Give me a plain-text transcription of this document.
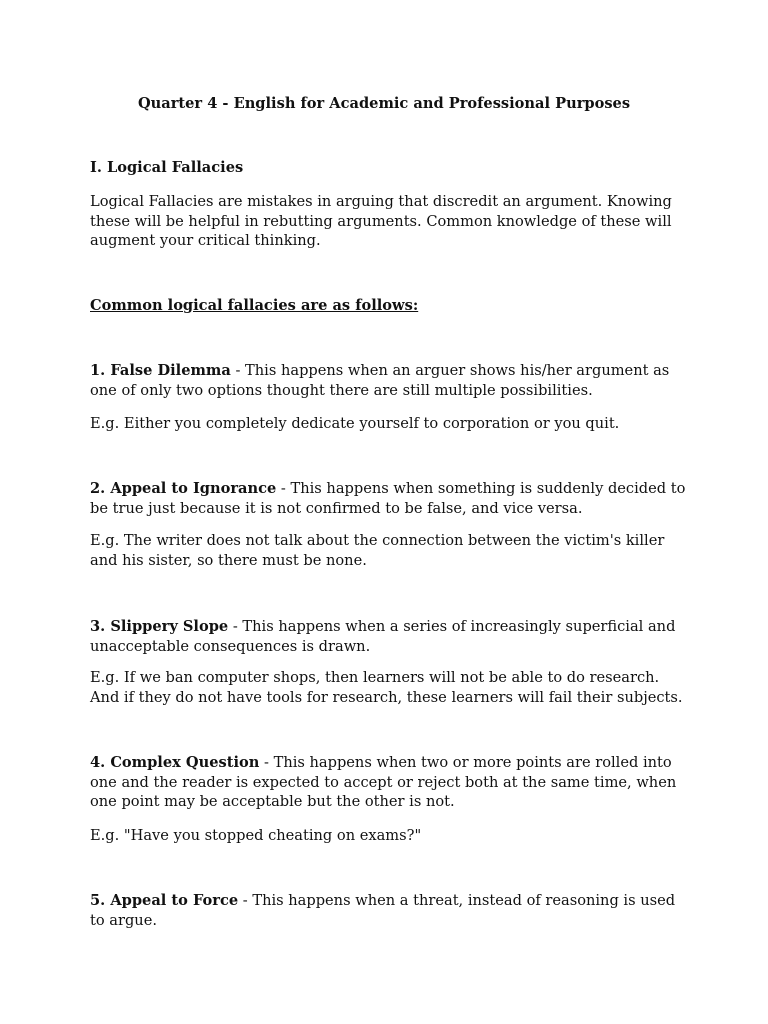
Quarter 4 - English for Academic and Professional Purposes

I. Logical Fallacies

Logical Fallacies are mistakes in arguing that discredit an argument. Knowing these will be helpful in rebutting arguments. Common knowledge of these will augment your critical thinking.

Common logical fallacies are as follows:

1. False Dilemma - This happens when an arguer shows his/her argument as one of only two options thought there are still multiple possibilities.

E.g. Either you completely dedicate yourself to corporation or you quit.

2. Appeal to Ignorance - This happens when something is suddenly decided to be true just because it is not confirmed to be false, and vice versa.

E.g. The writer does not talk about the connection between the victim's killer and his sister, so there must be none.

3. Slippery Slope - This happens when a series of increasingly superficial and unacceptable consequences is drawn.

E.g. If we ban computer shops, then learners will not be able to do research. And if they do not have tools for research, these learners will fail their subjects.

4. Complex Question - This happens when two or more points are rolled into one and the reader is expected to accept or reject both at the same time, when one point may be acceptable but the other is not.

E.g. "Have you stopped cheating on exams?"

5. Appeal to Force - This happens when a threat, instead of reasoning is used to argue.
